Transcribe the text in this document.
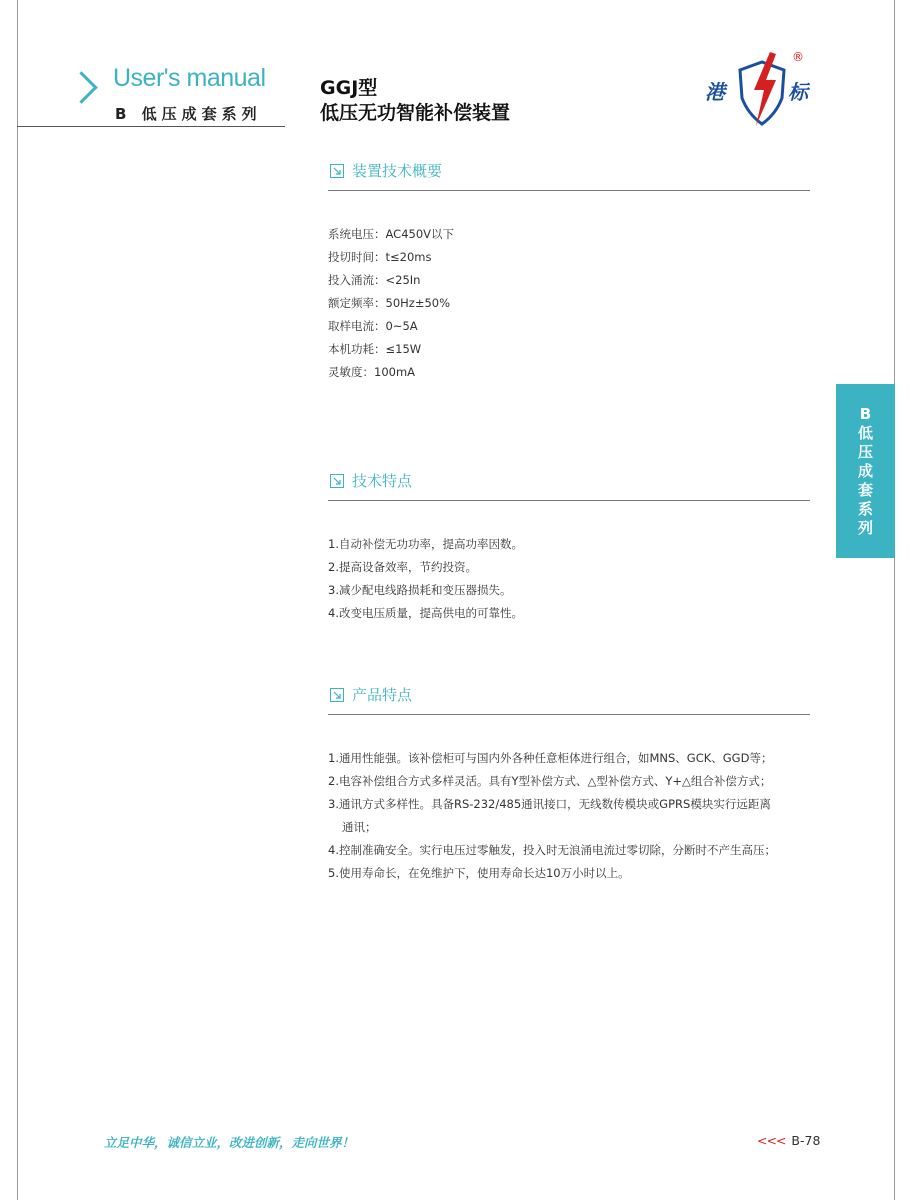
User's manual
B 低压成套系列
GGJ型
低压无功智能补偿装置
港	标
®
装置技术概要
系统电压：AC450V以下
投切时间：t≤20ms
投入涌流：<25In
额定频率：50Hz±50%
取样电流：0~5A
本机功耗：≤15W
灵敏度：100mA
技术特点
1.自动补偿无功功率，提高功率因数。
2.提高设备效率，节约投资。
3.减少配电线路损耗和变压器损失。
4.改变电压质量，提高供电的可靠性。
产品特点
1.通用性能强。该补偿柜可与国内外各种任意柜体进行组合，如MNS、GCK、GGD等；
2.电容补偿组合方式多样灵活。具有Y型补偿方式、△型补偿方式、Y+△组合补偿方式；
3.通讯方式多样性。具备RS-232/485通讯接口，无线数传模块或GPRS模块实行远距离
通讯；
4.控制准确安全。实行电压过零触发，投入时无浪涌电流过零切除，分断时不产生高压；
5.使用寿命长，在免维护下，使用寿命长达10万小时以上。
B
低
压
成
套
系
列
立足中华，诚信立业，改进创新，走向世界！	<<< B-78
